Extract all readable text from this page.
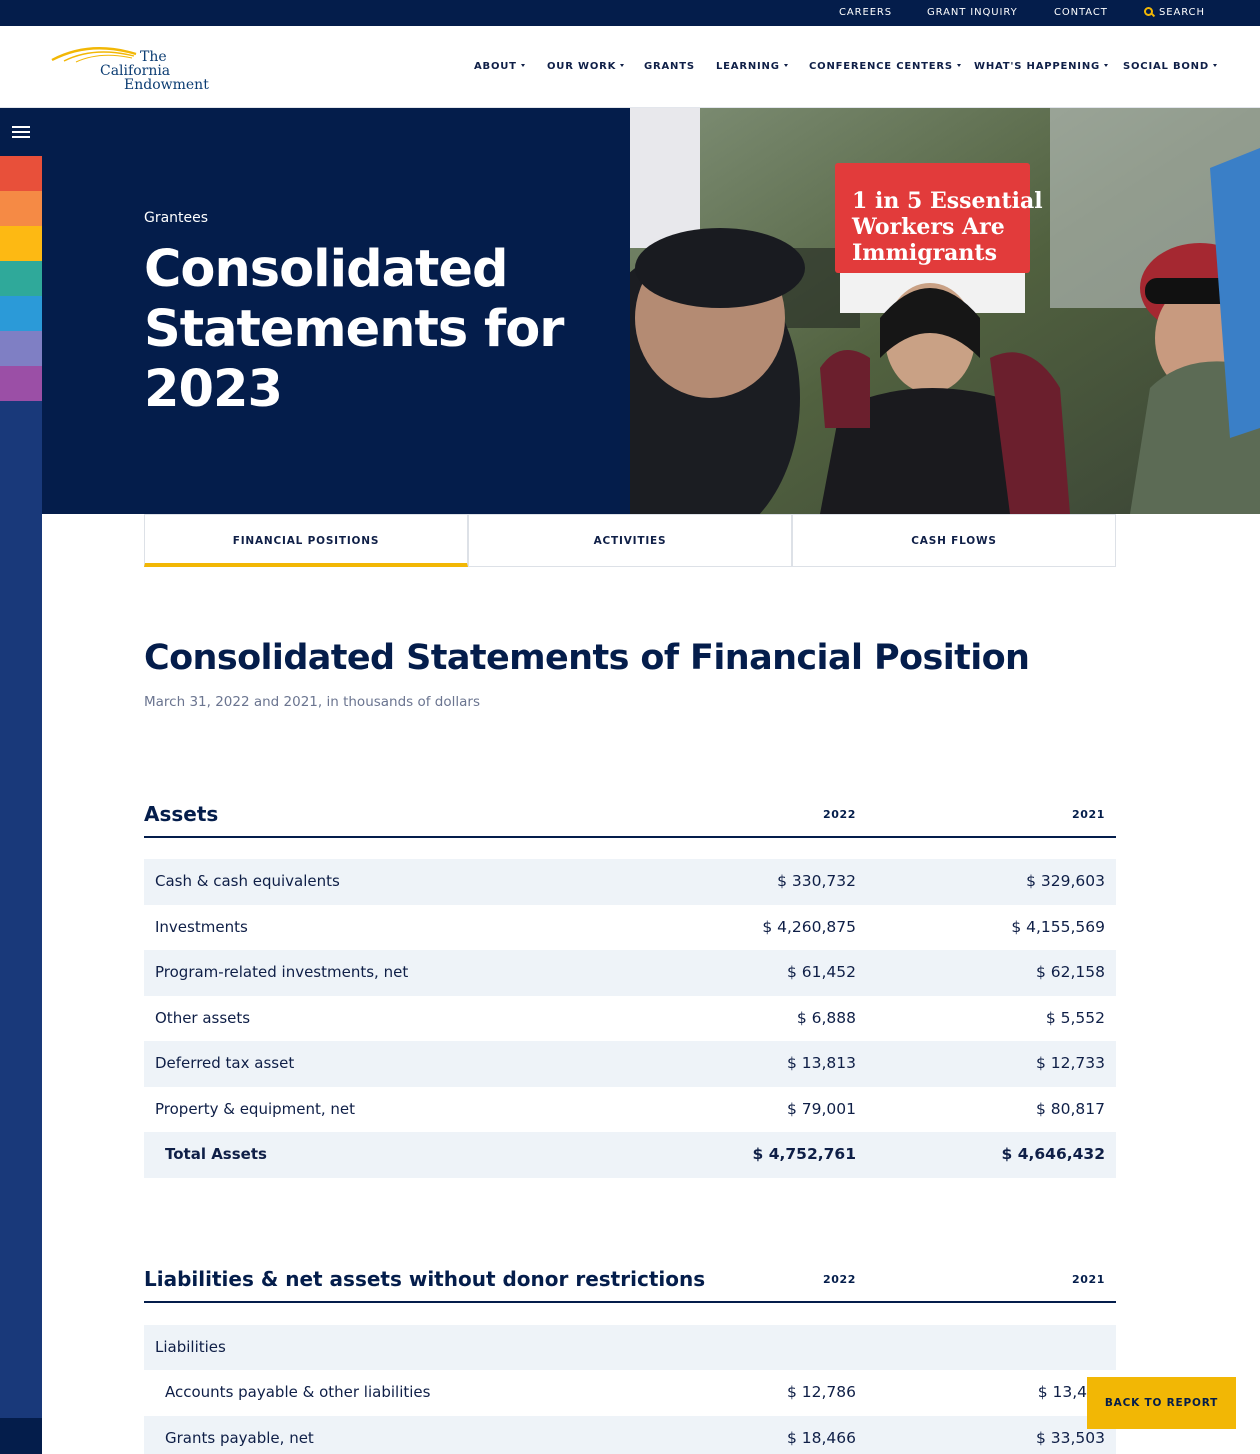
CAREERS	GRANT INQUIRY	CONTACT	SEARCH
The
California
Endowment
ABOUT	OUR WORK	GRANTS LEARNING	CONFERENCE CENTERS	WHAT'S HAPPENING	SOCIAL BOND
Grantees
Consolidated Statements for 2023
1 in 5 Essential
Workers Are
Immigrants
FINANCIAL POSITIONS	ACTIVITIES	CASH FLOWS
Consolidated Statements of Financial Position
March 31, 2022 and 2021, in thousands of dollars
Assets	2022	2021
Cash & cash equivalents	$ 330,732	$ 329,603
Investments	$ 4,260,875	$ 4,155,569
Program-related investments, net	$ 61,452	$ 62,158
Other assets	$ 6,888	$ 5,552
Deferred tax asset	$ 13,813	$ 12,733
Property & equipment, net	$ 79,001	$ 80,817
Total Assets	$ 4,752,761	$ 4,646,432
Liabilities & net assets without donor restrictions	2022	2021
Liabilities
Accounts payable & other liabilities	$ 12,786	$ 13,4
Grants payable, net	$ 18,466	$ 33,503
BACK TO REPORT
